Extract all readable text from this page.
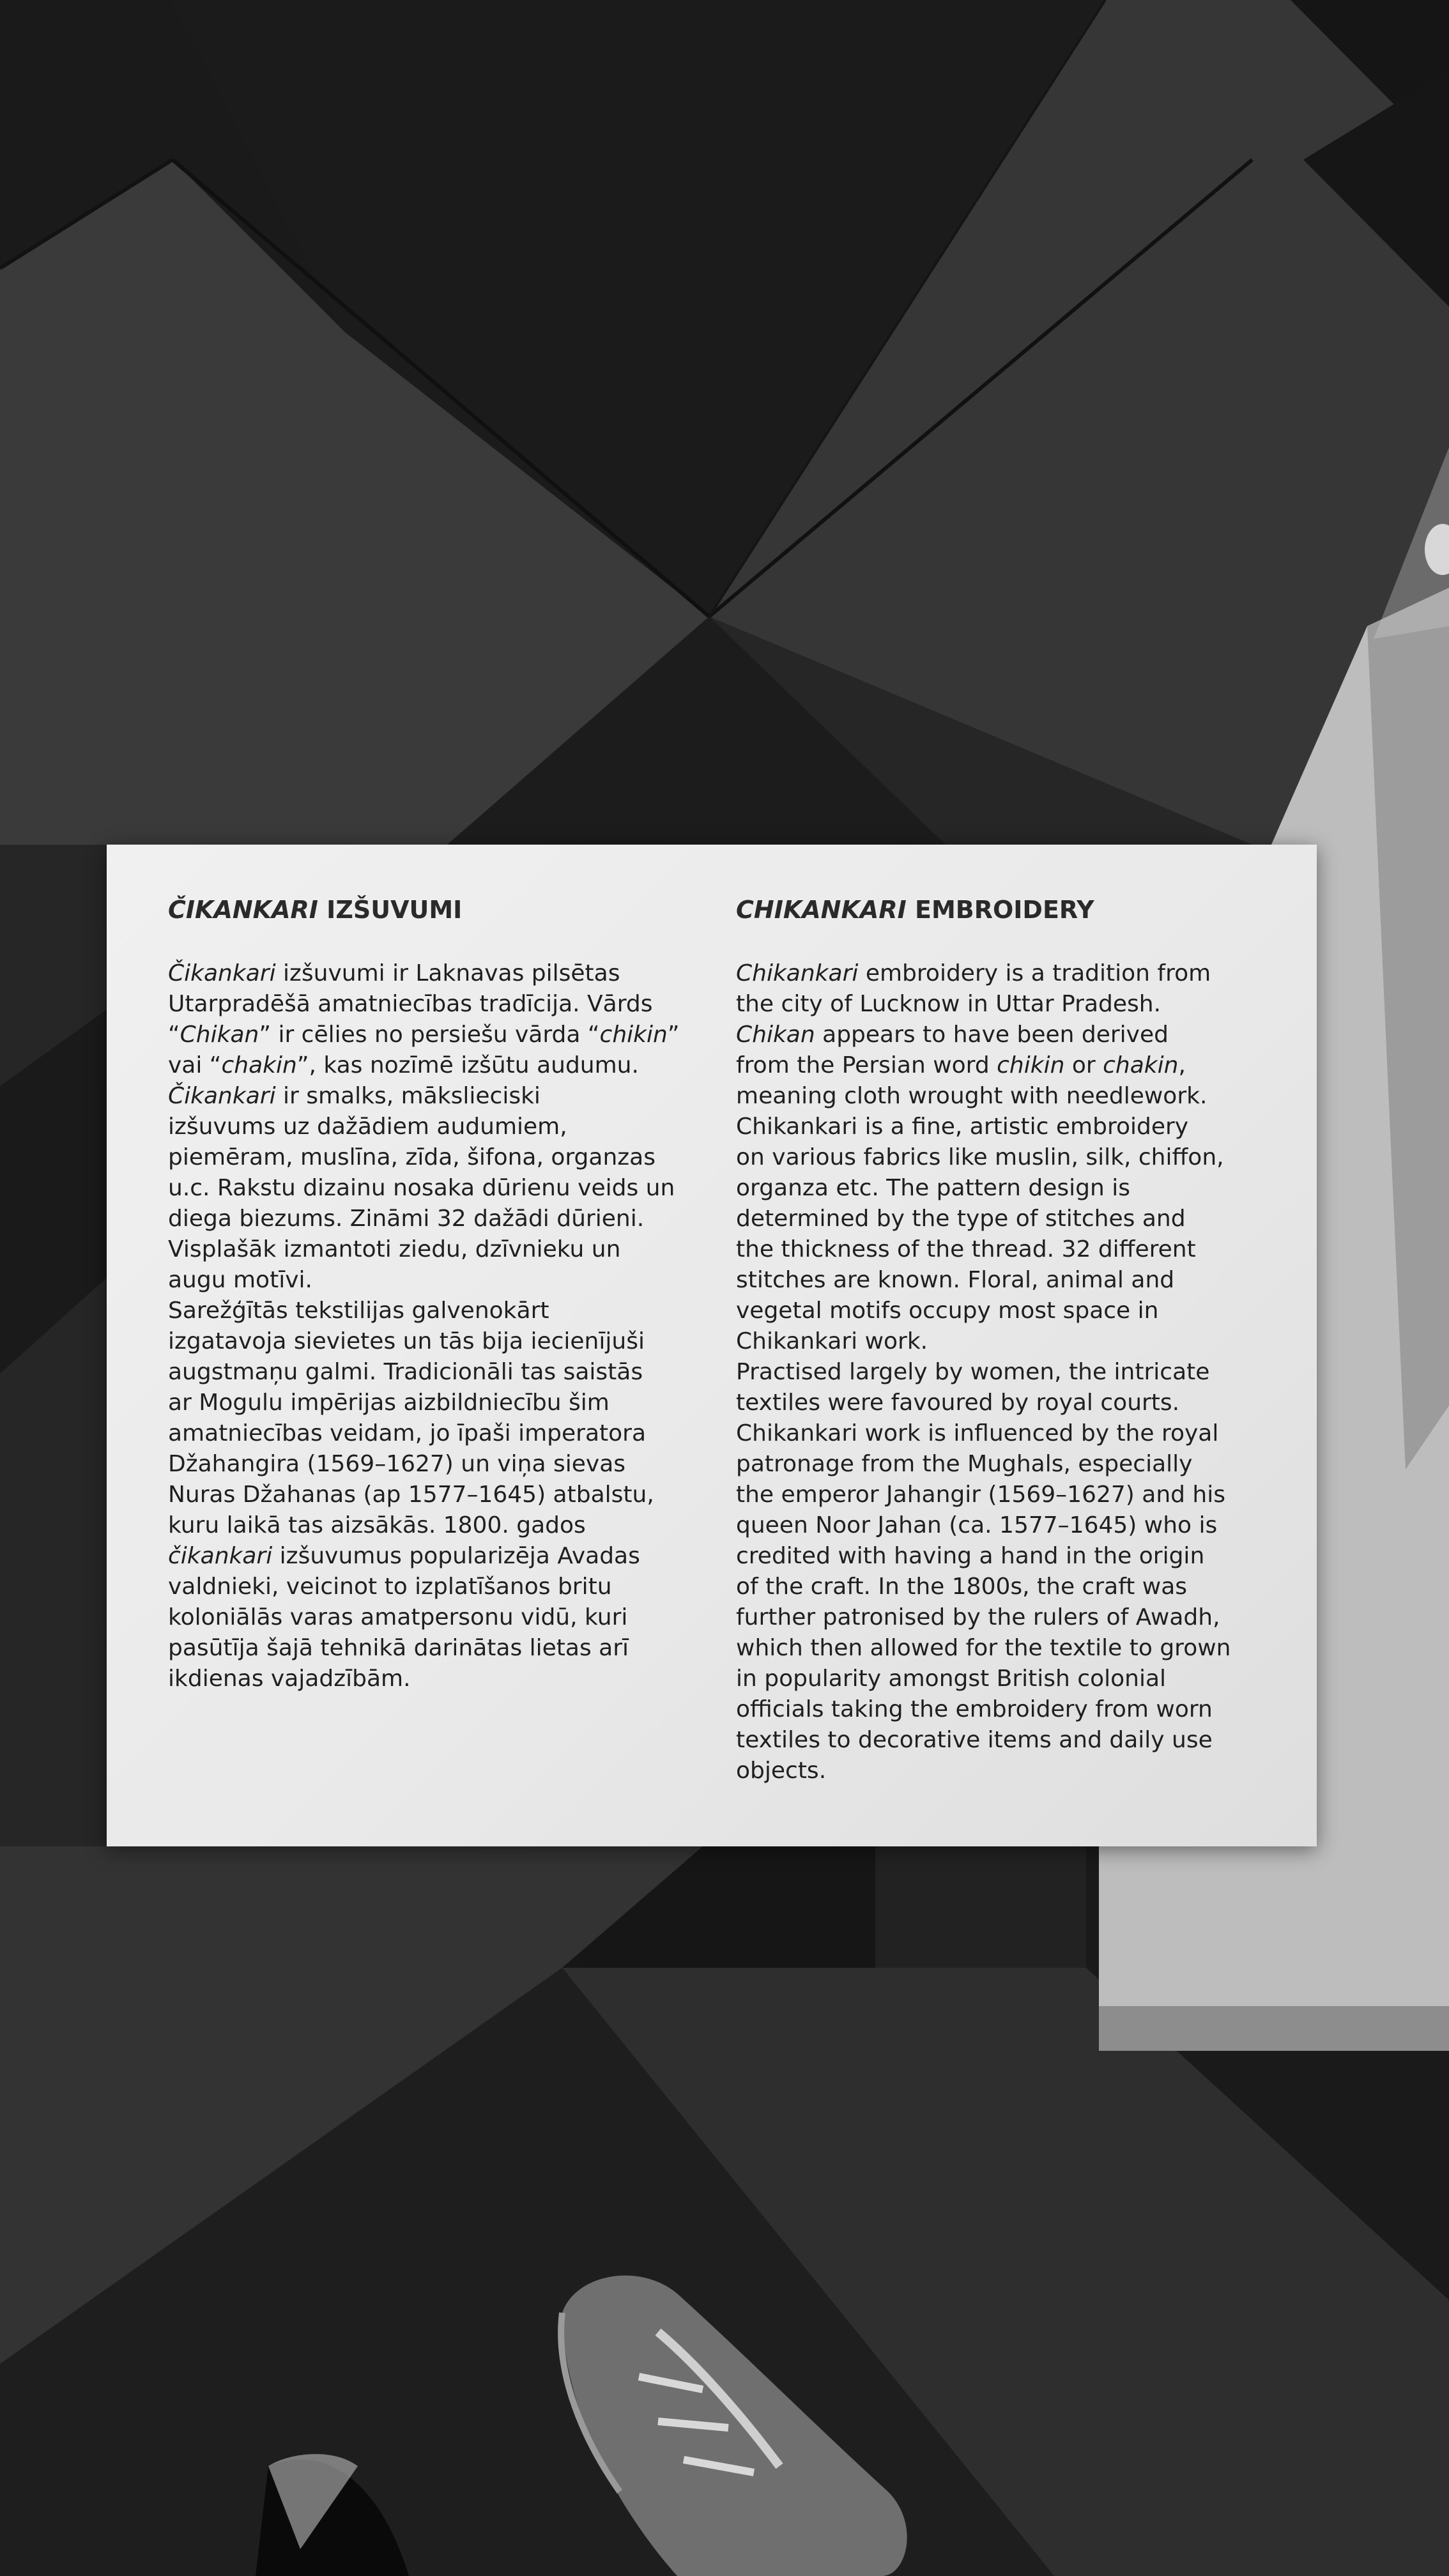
ČIKANKARI IZŠUVUMI
Čikankari izšuvumi ir Laknavas pilsētas
Utarpradēšā amatniecības tradīcija. Vārds
“Chikan” ir cēlies no persiešu vārda “chikin”
vai “chakin”, kas nozīmē izšūtu audumu.
Čikankari ir smalks, mākslieciski
izšuvums uz dažādiem audumiem,
piemēram, muslīna, zīda, šifona, organzas
u.c. Rakstu dizainu nosaka dūrienu veids un
diega biezums. Zināmi 32 dažādi dūrieni.
Visplašāk izmantoti ziedu, dzīvnieku un
augu motīvi.
Sarežģītās tekstilijas galvenokārt
izgatavoja sievietes un tās bija iecienījuši
augstmaņu galmi. Tradicionāli tas saistās
ar Mogulu impērijas aizbildniecību šim
amatniecības veidam, jo īpaši imperatora
Džahangira (1569–1627) un viņa sievas
Nuras Džahanas (ap 1577–1645) atbalstu,
kuru laikā tas aizsākās. 1800. gados
čikankari izšuvumus popularizēja Avadas
valdnieki, veicinot to izplatīšanos britu
koloniālās varas amatpersonu vidū, kuri
pasūtīja šajā tehnikā darinātas lietas arī
ikdienas vajadzībām.
CHIKANKARI EMBROIDERY
Chikankari embroidery is a tradition from
the city of Lucknow in Uttar Pradesh.
Chikan appears to have been derived
from the Persian word chikin or chakin,
meaning cloth wrought with needlework.
Chikankari is a fine, artistic embroidery
on various fabrics like muslin, silk, chiffon,
organza etc. The pattern design is
determined by the type of stitches and
the thickness of the thread. 32 different
stitches are known. Floral, animal and
vegetal motifs occupy most space in
Chikankari work.
Practised largely by women, the intricate
textiles were favoured by royal courts.
Chikankari work is influenced by the royal
patronage from the Mughals, especially
the emperor Jahangir (1569–1627) and his
queen Noor Jahan (ca. 1577–1645) who is
credited with having a hand in the origin
of the craft. In the 1800s, the craft was
further patronised by the rulers of Awadh,
which then allowed for the textile to grown
in popularity amongst British colonial
officials taking the embroidery from worn
textiles to decorative items and daily use
objects.
